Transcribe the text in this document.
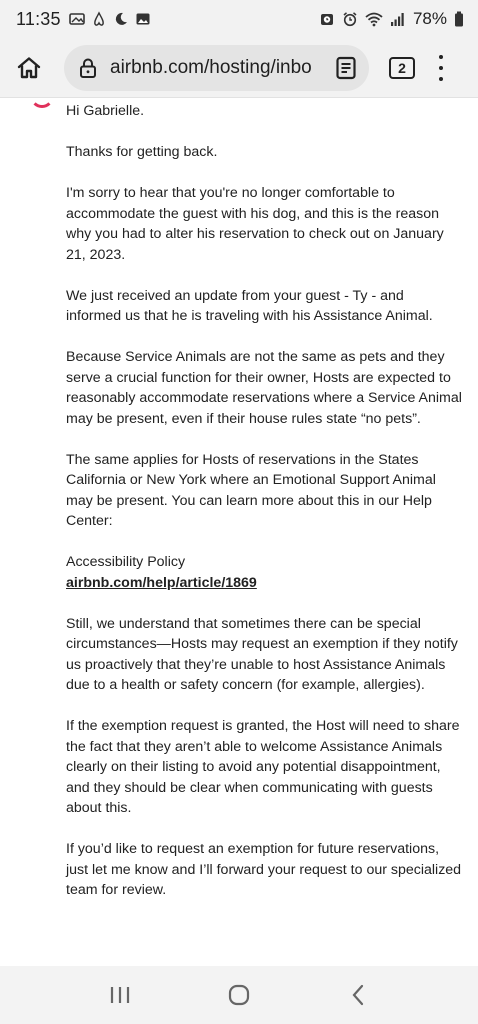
11:35	78%
airbnb.com/hosting/inbo	2

Hi Gabrielle.

Thanks for getting back.

I'm sorry to hear that you're no longer comfortable to accommodate the guest with his dog, and this is the reason why you had to alter his reservation to check out on January 21, 2023.

We just received an update from your guest - Ty - and informed us that he is traveling with his Assistance Animal.

Because Service Animals are not the same as pets and they serve a crucial function for their owner, Hosts are expected to reasonably accommodate reservations where a Service Animal may be present, even if their house rules state “no pets”.

The same applies for Hosts of reservations in the States California or New York where an Emotional Support Animal may be present. You can learn more about this in our Help Center:

Accessibility Policy
airbnb.com/help/article/1869

Still, we understand that sometimes there can be special circumstances—Hosts may request an exemption if they notify us proactively that they’re unable to host Assistance Animals due to a health or safety concern (for example, allergies).

If the exemption request is granted, the Host will need to share the fact that they aren’t able to welcome Assistance Animals clearly on their listing to avoid any potential disappointment, and they should be clear when communicating with guests about this.

If you’d like to request an exemption for future reservations, just let me know and I’ll forward your request to our specialized team for review.
